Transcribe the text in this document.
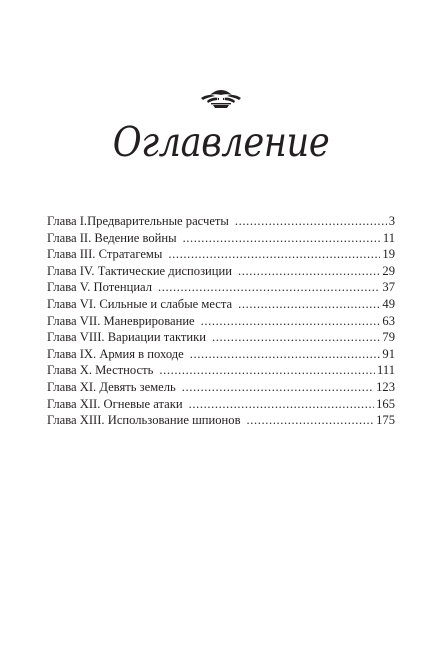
Оглавление
Глава I.Предварительные расчеты .....	3
Глава II. Ведение войны .....	11
Глава III. Стратагемы .....	19
Глава IV. Тактические диспозиции .....	29
Глава V. Потенциал .....	37
Глава VI. Сильные и слабые места .....	49
Глава VII. Маневрирование .....	63
Глава VIII. Вариации тактики .....	79
Глава IX. Армия в походе .....	91
Глава X. Местность .....	111
Глава XI. Девять земель .....	123
Глава XII. Огневые атаки .....	165
Глава XIII. Использование шпионов .....	175
